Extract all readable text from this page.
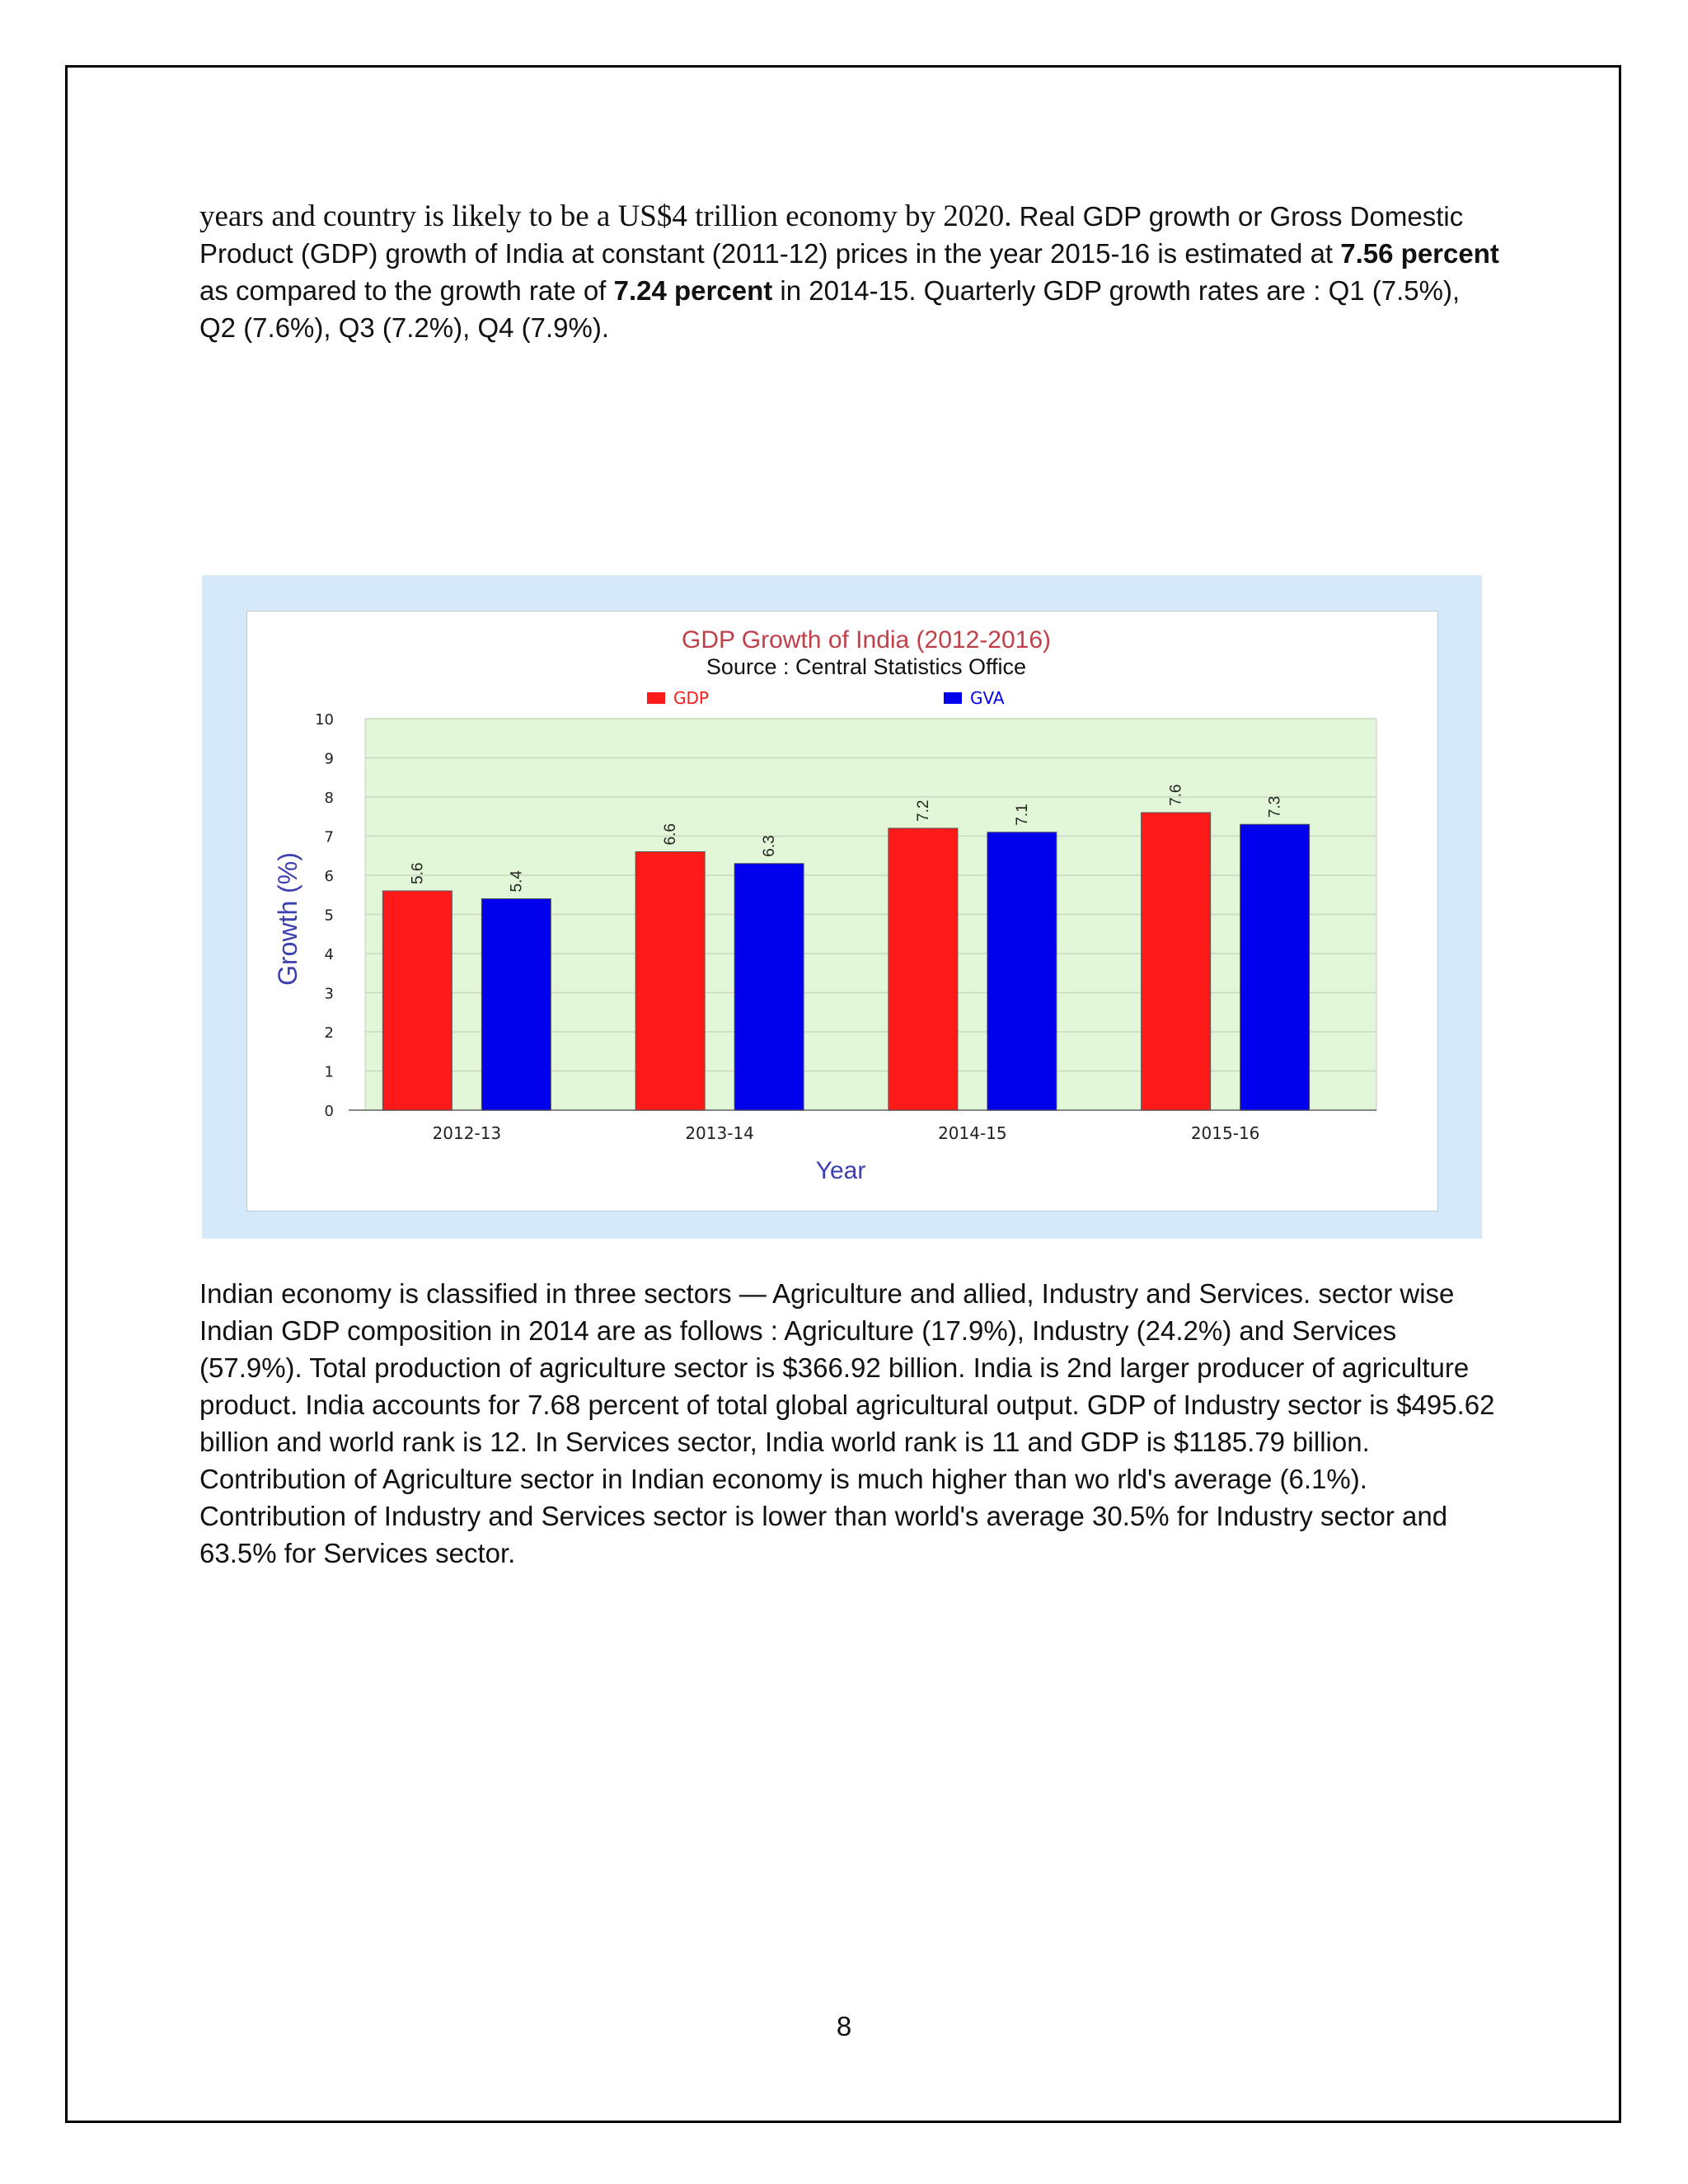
years and country is likely to be a US$4 trillion economy by 2020. Real GDP growth or Gross Domestic Product (GDP) growth of India at constant (2011-12) prices in the year 2015-16 is estimated at 7.56 percent as compared to the growth rate of 7.24 percent in 2014-15. Quarterly GDP growth rates are : Q1 (7.5%), Q2 (7.6%), Q3 (7.2%), Q4 (7.9%).

GDP Growth of India (2012-2016)
Source : Central Statistics Office
Year
Growth (%)
0
1
2
3
4
5
6
7
8
9
10
5.6	5.4
2012-13
6.6
6.3
2013-14
7.2	7.1
2014-15
7.6
7.3
2015-16
GDP	GVA

Indian economy is classified in three sectors — Agriculture and allied, Industry and Services. sector wise Indian GDP composition in 2014 are as follows : Agriculture (17.9%), Industry (24.2%) and Services (57.9%). Total production of agriculture sector is $366.92 billion. India is 2nd larger producer of agriculture product. India accounts for 7.68 percent of total global agricultural output. GDP of Industry sector is $495.62 billion and world rank is 12. In Services sector, India world rank is 11 and GDP is $1185.79 billion. Contribution of Agriculture sector in Indian economy is much higher than wo rld's average (6.1%). Contribution of Industry and Services sector is lower than world's average 30.5% for Industry sector and 63.5% for Services sector.

8
